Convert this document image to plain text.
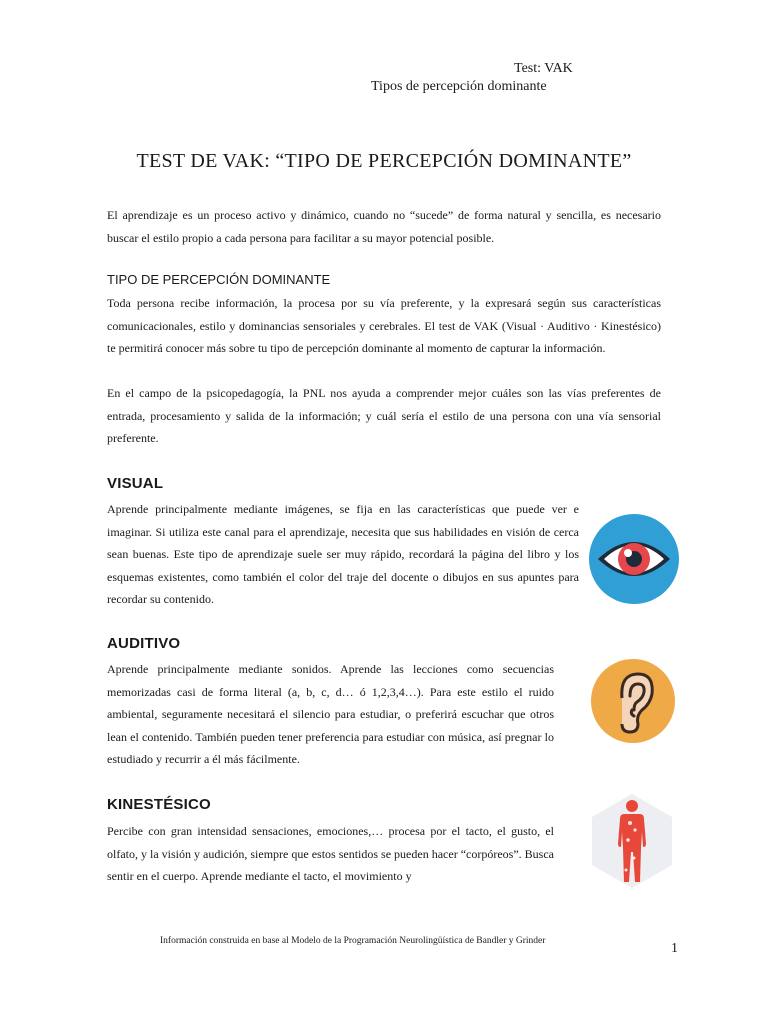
Test: VAK
Tipos de percepción dominante
TEST DE VAK: “TIPO DE PERCEPCIÓN DOMINANTE”
El aprendizaje es un proceso activo y dinámico, cuando no “sucede” de forma natural y sencilla, es necesario buscar el estilo propio a cada persona para facilitar a su mayor potencial posible.
TIPO DE PERCEPCIÓN DOMINANTE
Toda persona recibe información, la procesa por su vía preferente, y la expresará según sus características comunicacionales, estilo y dominancias sensoriales y cerebrales. El test de VAK (Visual · Auditivo · Kinestésico) te permitirá conocer más sobre tu tipo de percepción dominante al momento de capturar la información.
En el campo de la psicopedagogía, la PNL nos ayuda a comprender mejor cuáles son las vías preferentes de entrada, procesamiento y salida de la información; y cuál sería el estilo de una persona con una vía sensorial preferente.
VISUAL
Aprende principalmente mediante imágenes, se fija en las características que puede ver e imaginar. Si utiliza este canal para el aprendizaje, necesita que sus habilidades en visión de cerca sean buenas. Este tipo de aprendizaje suele ser muy rápido, recordará la página del libro y los esquemas existentes, como también el color del traje del docente o dibujos en sus apuntes para recordar su contenido.
AUDITIVO
Aprende principalmente mediante sonidos. Aprende las lecciones como secuencias memorizadas casi de forma literal (a, b, c, d… ó 1,2,3,4…). Para este estilo el ruido ambiental, seguramente necesitará el silencio para estudiar, o preferirá escuchar que otros lean el contenido. También pueden tener preferencia para estudiar con música, así pregnar lo estudiado y recurrir a él más fácilmente.
KINESTÉSICO
Percibe con gran intensidad sensaciones, emociones,… procesa por el tacto, el gusto, el olfato, y la visión y audición, siempre que estos sentidos se pueden hacer “corpóreos”. Busca sentir en el cuerpo. Aprende mediante el tacto, el movimiento y
Información construida en base al Modelo de la Programación Neurolingüística de Bandler y Grinder	1
